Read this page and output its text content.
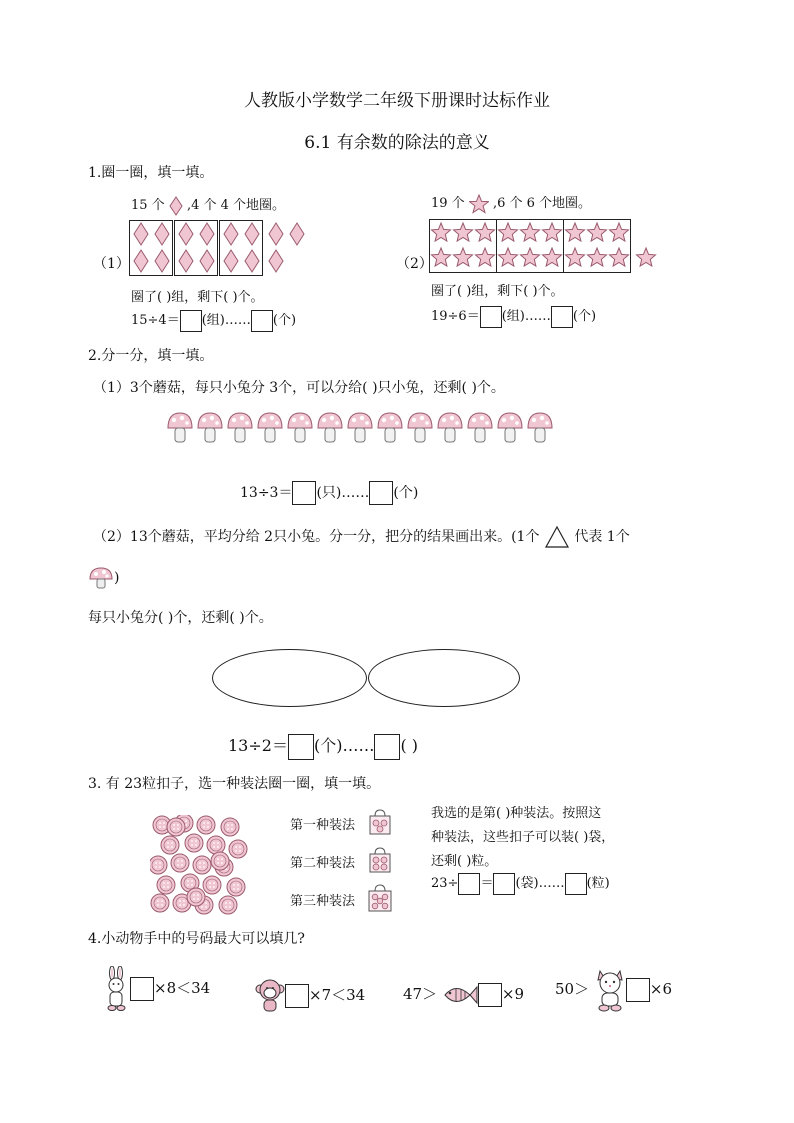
人教版小学数学二年级下册课时达标作业
6.1 有余数的除法的意义
1.圈一圈，填一填。
15 个 ,4 个 4 个地圈。
（1）
圈了( )组，剩下( )个。
15÷4＝ (组)…… (个)
19 个 ,6 个 6 个地圈。
（2）
圈了( )组，剩下( )个。
19÷6＝ (组)…… (个)
2.分一分，填一填。
（1）3个蘑菇，每只小兔分 3个，可以分给( )只小兔，还剩( )个。
13÷3＝ (只)…… (个)
（2）13个蘑菇，平均分给 2只小兔。分一分，把分的结果画出来。(1个 代表 1个
)
每只小兔分( )个，还剩( )个。
13÷2＝ (个)…… ( )
3. 有 23粒扣子，选一种装法圈一圈，填一填。
第一种装法
第二种装法
第三种装法
我选的是第( )种装法。按照这
种装法，这些扣子可以装( )袋，
还剩( )粒。
23÷ ＝ (袋)…… (粒)
4.小动物手中的号码最大可以填几?
×8＜34	×7＜34	47＞	×9 50＞	×6
